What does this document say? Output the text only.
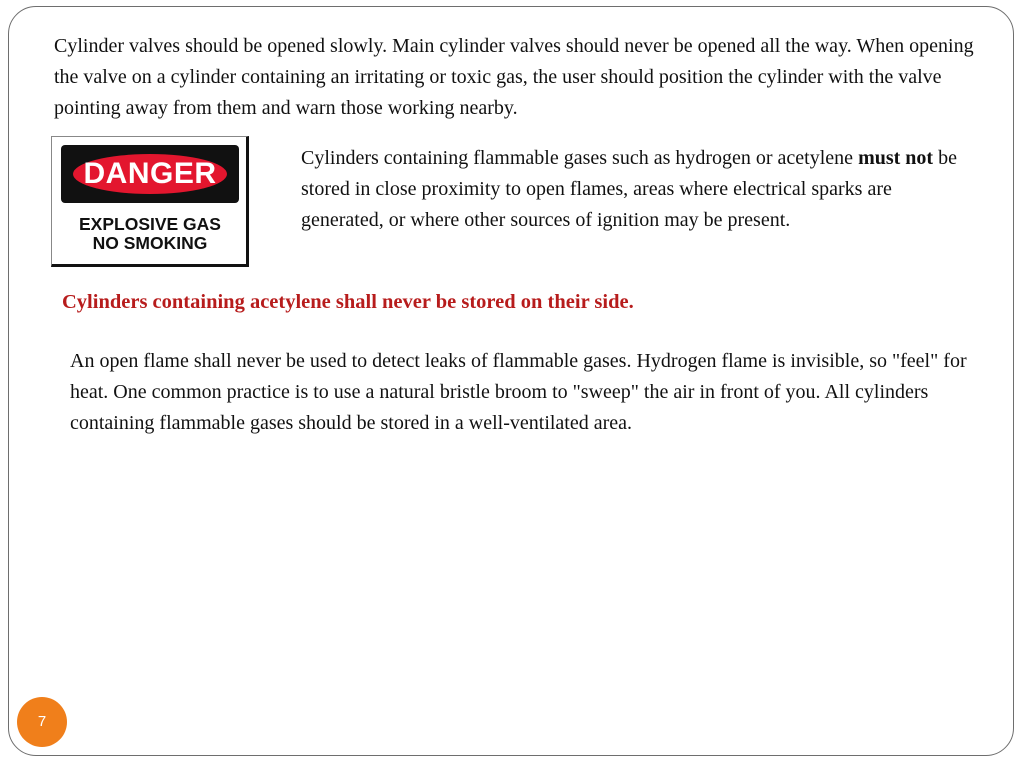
Cylinder valves should be opened slowly. Main cylinder valves should never be opened all the way. When opening the valve on a cylinder containing an irritating or toxic gas, the user should position the cylinder with the valve pointing away from them and warn those working nearby.

DANGER
EXPLOSIVE GAS
NO SMOKING

Cylinders containing flammable gases such as hydrogen or acetylene must not be stored in close proximity to open flames, areas where electrical sparks are generated, or where other sources of ignition may be present.

Cylinders containing acetylene shall never be stored on their side.

An open flame shall never be used to detect leaks of flammable gases. Hydrogen flame is invisible, so "feel" for heat. One common practice is to use a natural bristle broom to "sweep" the air in front of you. All cylinders containing flammable gases should be stored in a well-ventilated area.

7
